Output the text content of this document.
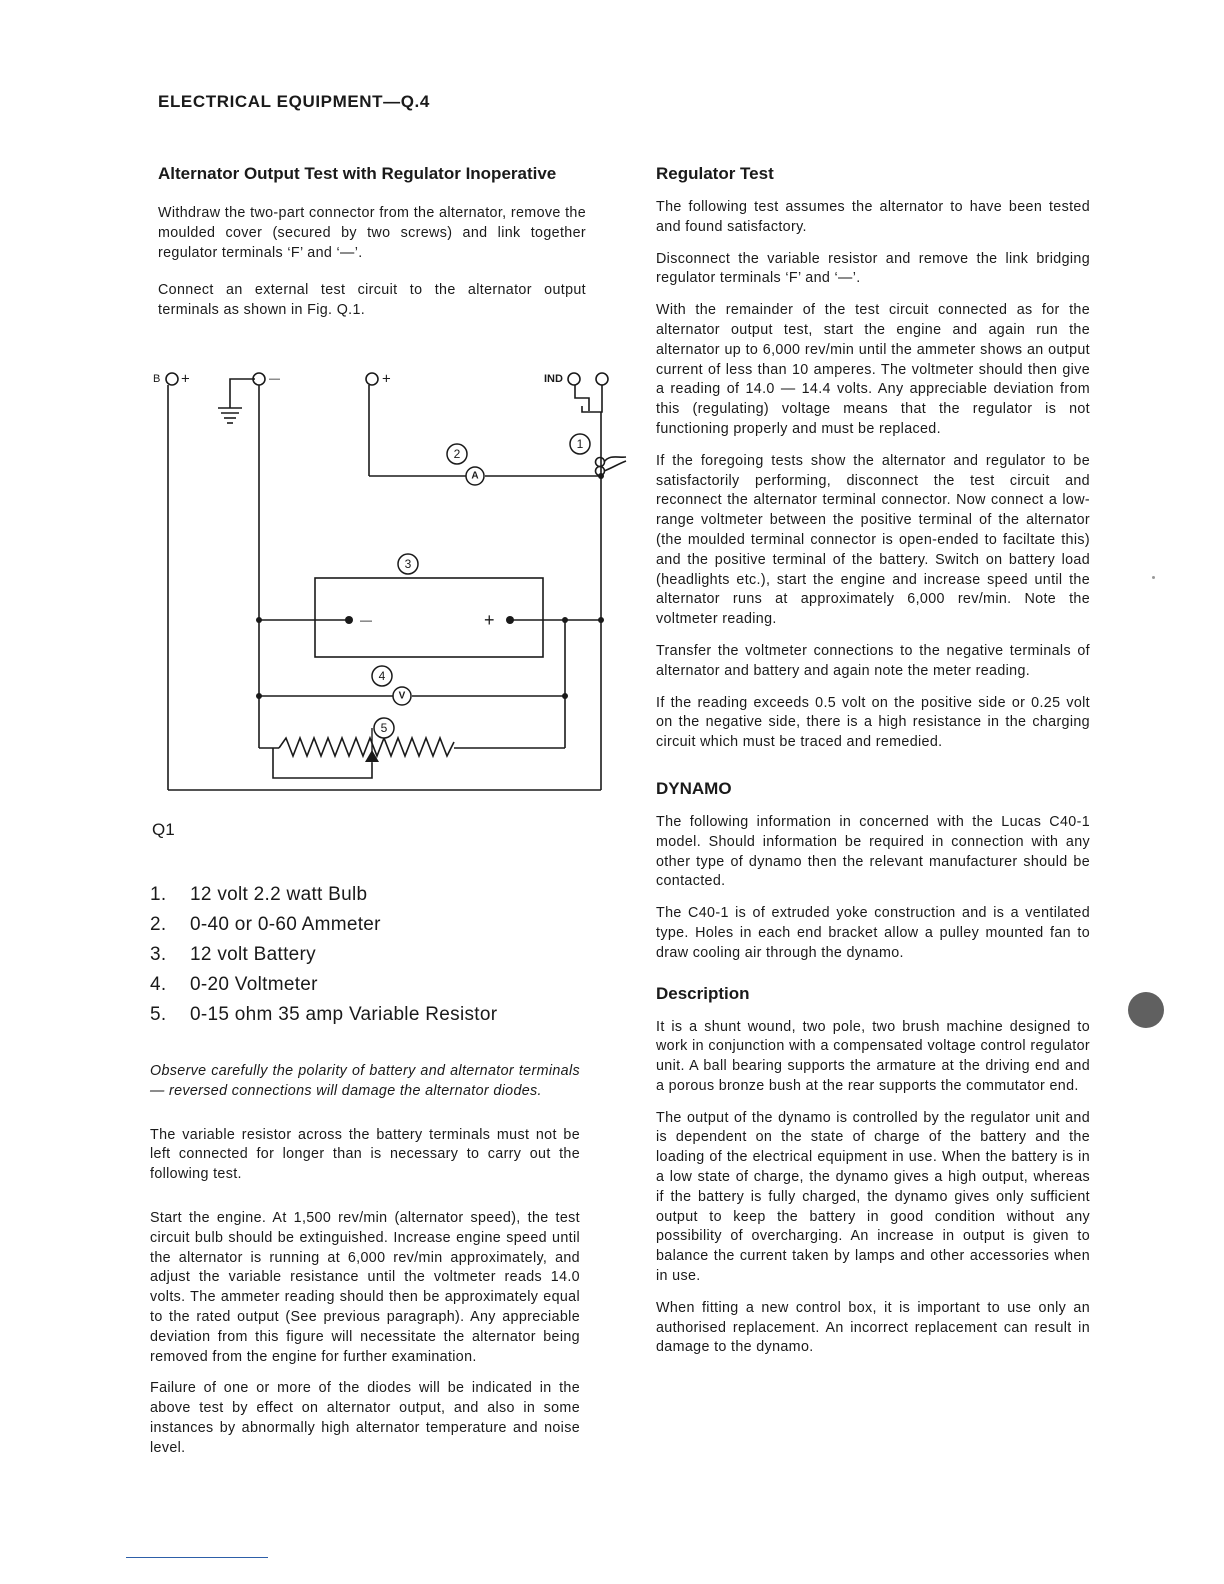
ELECTRICAL EQUIPMENT—Q.4
Alternator Output Test with Regulator Inoperative

Withdraw the two-part connector from the alternator, remove the moulded cover (secured by two screws) and link together regulator terminals ‘F’ and ‘—’.

Connect an external test circuit to the alternator output terminals as shown in Fig. Q.1.

A
V
2
1
3
4
5
B +	—	+	IND
—	+
Q1
1.	12 volt 2.2 watt Bulb
2.	0-40 or 0-60 Ammeter
3.	12 volt Battery
4.	0-20 Voltmeter
5.	0-15 ohm 35 amp Variable Resistor

Observe carefully the polarity of battery and alternator terminals — reversed connections will damage the alternator diodes.

The variable resistor across the battery terminals must not be left connected for longer than is necessary to carry out the following test.

Start the engine. At 1,500 rev/min (alternator speed), the test circuit bulb should be extinguished. Increase engine speed until the alternator is running at 6,000 rev/min approximately, and adjust the variable resistance until the voltmeter reads 14.0 volts. The ammeter reading should then be approximately equal to the rated output (See previous paragraph). Any appreciable deviation from this figure will necessitate the alternator being removed from the engine for further examination.

Failure of one or more of the diodes will be indicated in the above test by effect on alternator output, and also in some instances by abnormally high alternator temperature and noise level.

Regulator Test

The following test assumes the alternator to have been tested and found satisfactory.

Disconnect the variable resistor and remove the link bridging regulator terminals ‘F’ and ‘—’.

With the remainder of the test circuit connected as for the alternator output test, start the engine and again run the alternator up to 6,000 rev/min until the ammeter shows an output current of less than 10 amperes. The voltmeter should then give a reading of 14.0 — 14.4 volts. Any appreciable deviation from this (regulating) voltage means that the regulator is not functioning properly and must be replaced.

If the foregoing tests show the alternator and regulator to be satisfactorily performing, disconnect the test circuit and reconnect the alternator terminal connector. Now connect a low-range voltmeter between the positive terminal of the alternator (the moulded terminal connector is open-ended to faciltate this) and the positive terminal of the battery. Switch on battery load (headlights etc.), start the engine and increase speed until the alternator runs at approximately 6,000 rev/min. Note the voltmeter reading.

Transfer the voltmeter connections to the negative terminals of alternator and battery and again note the meter reading.

If the reading exceeds 0.5 volt on the positive side or 0.25 volt on the negative side, there is a high resistance in the charging circuit which must be traced and remedied.

DYNAMO

The following information in concerned with the Lucas C40-1 model. Should information be required in connection with any other type of dynamo then the relevant manufacturer should be contacted.

The C40-1 is of extruded yoke construction and is a ventilated type. Holes in each end bracket allow a pulley mounted fan to draw cooling air through the dynamo.

Description

It is a shunt wound, two pole, two brush machine designed to work in conjunction with a compensated voltage control regulator unit. A ball bearing supports the armature at the driving end and a porous bronze bush at the rear supports the commutator end.

The output of the dynamo is controlled by the regulator unit and is dependent on the state of charge of the battery and the loading of the electrical equipment in use. When the battery is in a low state of charge, the dynamo gives a high output, whereas if the battery is fully charged, the dynamo gives only sufficient output to keep the battery in good condition without any possibility of overcharging. An increase in output is given to balance the current taken by lamps and other accessories when in use.

When fitting a new control box, it is important to use only an authorised replacement. An incorrect replacement can result in damage to the dynamo.
